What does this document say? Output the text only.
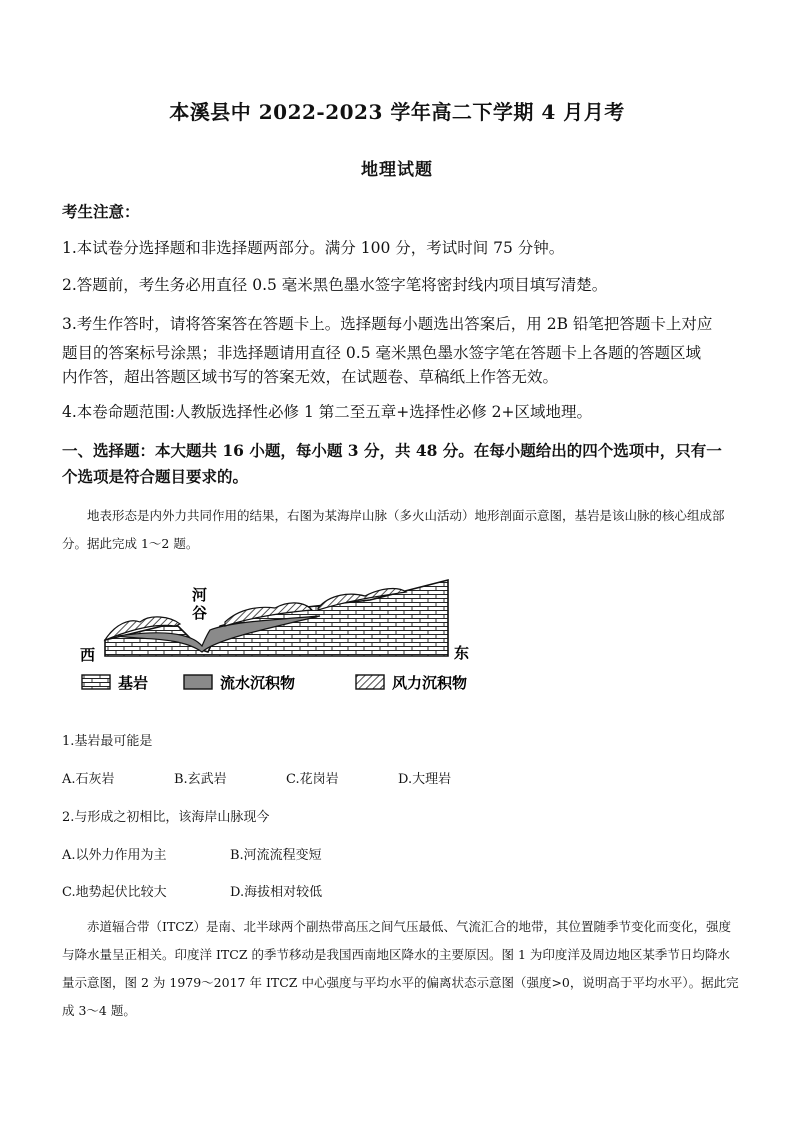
本溪县中 2022-2023 学年高二下学期 4 月月考
地理试题
考生注意：
1.本试卷分选择题和非选择题两部分。满分 100 分，考试时间 75 分钟。
2.答题前，考生务必用直径 0.5 毫米黑色墨水签字笔将密封线内项目填写清楚。
3.考生作答时，请将答案答在答题卡上。选择题每小题选出答案后，用 2B 铅笔把答题卡上对应
题目的答案标号涂黑；非选择题请用直径 0.5 毫米黑色墨水签字笔在答题卡上各题的答题区域
内作答，超出答题区域书写的答案无效，在试题卷、草稿纸上作答无效。
4.本卷命题范围:人教版选择性必修 1 第二至五章+选择性必修 2+区域地理。
一、选择题：本大题共 16 小题，每小题 3 分，共 48 分。在每小题给出的四个选项中，只有一
个选项是符合题目要求的。
地表形态是内外力共同作用的结果，右图为某海岸山脉（多火山活动）地形剖面示意图，基岩是该山脉的核心组成部分。据此完成 1～2 题。
河
谷
西	东
基岩	流水沉积物	风力沉积物
1.基岩最可能是
A.石灰岩	B.玄武岩	C.花岗岩	D.大理岩
2.与形成之初相比，该海岸山脉现今
A.以外力作用为主	B.河流流程变短
C.地势起伏比较大	D.海拔相对较低
赤道辐合带（ITCZ）是南、北半球两个副热带高压之间气压最低、气流汇合的地带，其位置随季节变化而变化，强度与降水量呈正相关。印度洋 ITCZ 的季节移动是我国西南地区降水的主要原因。图 1 为印度洋及周边地区某季节日均降水量示意图，图 2 为 1979～2017 年 ITCZ 中心强度与平均水平的偏离状态示意图（强度>0，说明高于平均水平）。据此完成 3～4 题。
